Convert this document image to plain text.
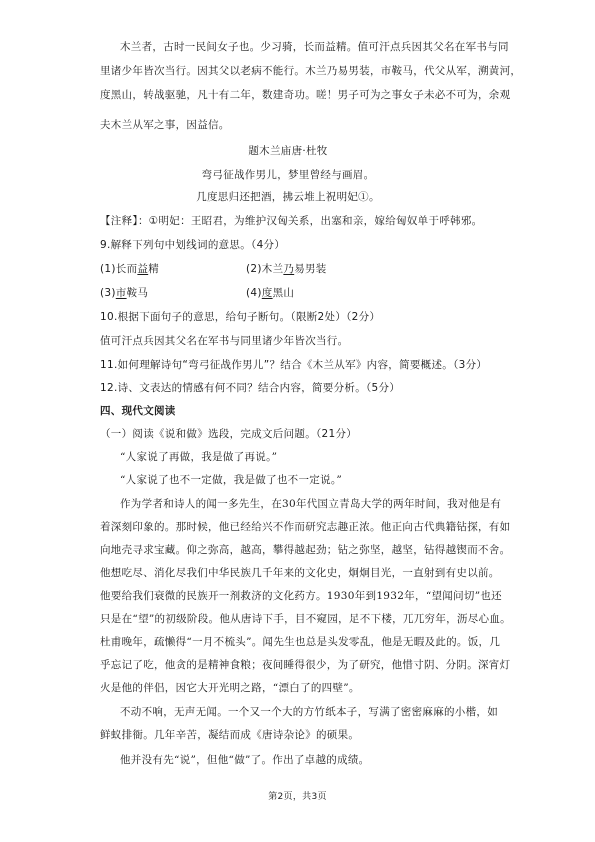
木兰者，古时一民间女子也。少习骑，长而益精。值可汗点兵因其父名在军书与同
里诸少年皆次当行。因其父以老病不能行。木兰乃易男装，市鞍马，代父从军，溯黄河，
度黑山，转战驱驰，凡十有二年，数建奇功。嗟！男子可为之事女子未必不可为，余观
夫木兰从军之事，因益信。
题木兰庙唐·杜牧
弯弓征战作男儿，梦里曾经与画眉。
几度思归还把酒，拂云堆上祝明妃①。
【注释】：①明妃：王昭君，为维护汉匈关系，出塞和亲，嫁给匈奴单于呼韩邪。
9.解释下列句中划线词的意思。（4分）
(1)长而益精	(2)木兰乃易男装
(3)市鞍马	(4)度黑山
10.根据下面句子的意思，给句子断句。（限断2处）（2分）
值可汗点兵因其父名在军书与同里诸少年皆次当行。
11.如何理解诗句“弯弓征战作男儿”？结合《木兰从军》内容，简要概述。（3分）
12.诗、文表达的情感有何不同？结合内容，简要分析。（5分）
四、现代文阅读
（一）阅读《说和做》选段，完成文后问题。（21分）
“人家说了再做，我是做了再说。”
“人家说了也不一定做，我是做了也不一定说。”
作为学者和诗人的闻一多先生，在30年代国立青岛大学的两年时间，我对他是有
着深刻印象的。那时候，他已经给兴不作而研究志趣正浓。他正向古代典籍钻探，有如
向地壳寻求宝藏。仰之弥高，越高，攀得越起劲；钻之弥坚，越坚，钻得越锲而不舍。
他想吃尽、消化尽我们中华民族几千年来的文化史，炯炯目光，一直射到有史以前。
他要给我们衰微的民族开一剂救济的文化药方。1930年到1932年，“望闻问切”也还
只是在“望”的初级阶段。他从唐诗下手，目不窥园，足不下楼，兀兀穷年，沥尽心血。
杜甫晚年，疏懒得“一月不梳头”。闻先生也总是头发零乱，他是无暇及此的。饭，几
乎忘记了吃，他贪的是精神食粮；夜间睡得很少，为了研究，他惜寸阴、分阴。深宵灯
火是他的伴侣，因它大开光明之路，“漂白了的四壁”。
不动不响，无声无闻。一个又一个大的方竹纸本子，写满了密密麻麻的小楷，如
鲜蚁排衙。几年辛苦，凝结而成《唐诗杂论》的硕果。
他并没有先“说”，但他“做”了。作出了卓越的成绩。
第2页，共3页
